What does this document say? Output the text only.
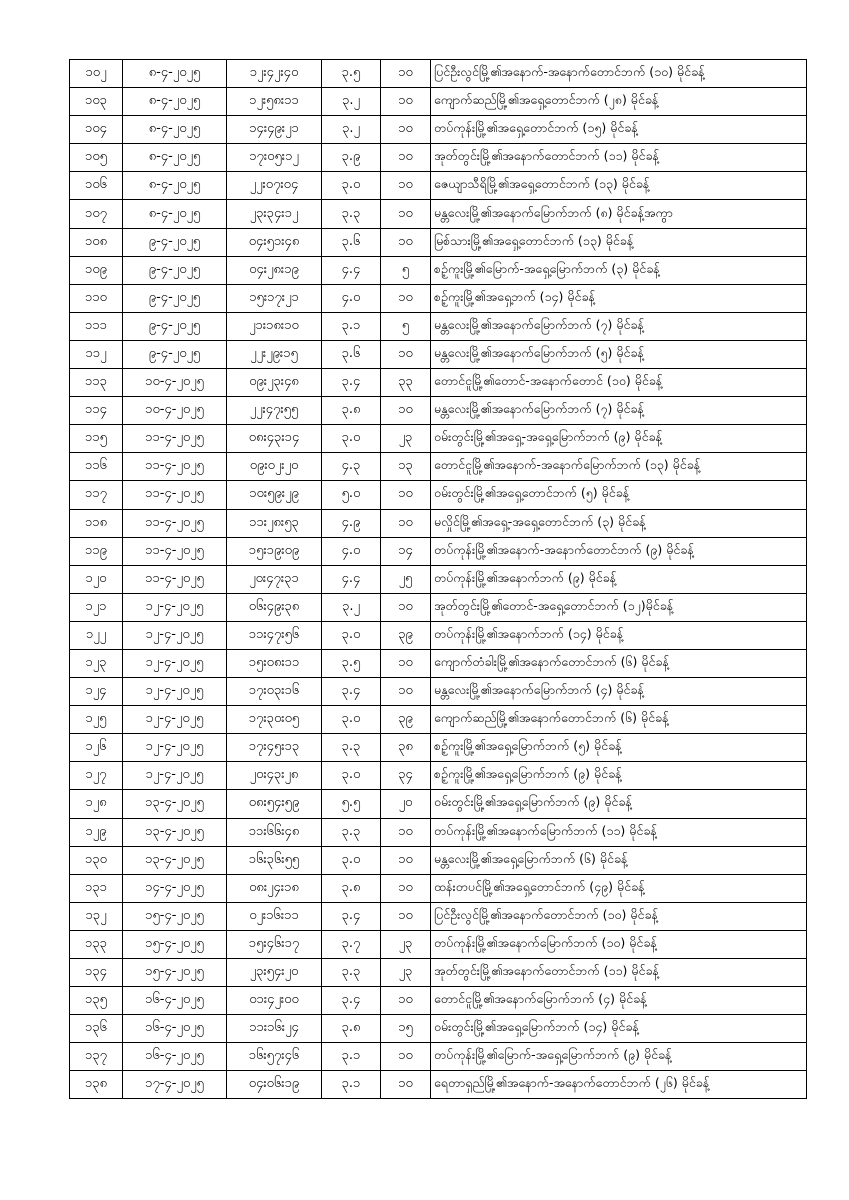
၁၀၂	၈-၄-၂၀၂၅	၁၂း၄၂း၄၀	၃.၅	၁၀	ပြင်ဦးလွင်မြို့၏အနောက်-အနောက်တောင်ဘက် (၁၀) မိုင်ခန့်
၁၀၃	၈-၄-၂၀၂၅	၁၂း၅၈း၁၁	၃.၂	၁၀	ကျောက်ဆည်မြို့၏အရှေ့တောင်ဘက် (၂၈) မိုင်ခန့်
၁၀၄	၈-၄-၂၀၂၅	၁၄း၄၉း၂၁	၃.၂	၁၀	တပ်ကုန်းမြို့၏အရှေ့တောင်ဘက် (၁၅) မိုင်ခန့်
၁၀၅	၈-၄-၂၀၂၅	၁၇း၀၅း၁၂	၃.၉	၁၀	အုတ်တွင်းမြို့၏အနောက်တောင်ဘက် (၁၁) မိုင်ခန့်
၁၀၆	၈-၄-၂၀၂၅	၂၂း၀၇း၀၄	၃.၀	၁၀	ဇေယျာသီရိမြို့၏အရှေ့တောင်ဘက် (၁၃) မိုင်ခန့်
၁၀၇	၈-၄-၂၀၂၅	၂၃း၃၄း၁၂	၃.၃	၁၀	မန္တလေးမြို့၏အနောက်မြောက်ဘက် (၈) မိုင်ခန့်အကွာ
၁၀၈	၉-၄-၂၀၂၅	၀၄း၅၁း၄၈	၃.၆	၁၀	မြစ်သားမြို့၏အရှေ့တောင်ဘက် (၁၃) မိုင်ခန့်
၁၀၉	၉-၄-၂၀၂၅	၀၄း၂၈း၁၉	၄.၄	၅	စဉ့်ကူးမြို့၏မြောက်-အရှေ့မြောက်ဘက် (၃) မိုင်ခန့်
၁၁၀	၉-၄-၂၀၂၅	၁၅း၁၇း၂၁	၄.၀	၁၀	စဉ့်ကူးမြို့၏အရှေ့ဘက် (၁၄) မိုင်ခန့်
၁၁၁	၉-၄-၂၀၂၅	၂၁း၁၈း၁၀	၃.၁	၅	မန္တလေးမြို့၏အနောက်မြောက်ဘက် (၇) မိုင်ခန့်
၁၁၂	၉-၄-၂၀၂၅	၂၂း၂၉း၁၅	၃.၆	၁၀	မန္တလေးမြို့၏အနောက်မြောက်ဘက် (၅) မိုင်ခန့်
၁၁၃	၁၀-၄-၂၀၂၅	၀၉း၂၃း၄၈	၃.၄	၃၃	တောင်ငူမြို့၏တောင်-အနောက်တောင် (၁၀) မိုင်ခန့်
၁၁၄	၁၀-၄-၂၀၂၅	၂၂း၄၇း၅၅	၃.၈	၁၀	မန္တလေးမြို့၏အနောက်မြောက်ဘက် (၇) မိုင်ခန့်
၁၁၅	၁၁-၄-၂၀၂၅	၀၈း၄၃း၁၄	၃.၀	၂၃	ဝမ်းတွင်းမြို့၏အရှေ့-အရှေ့မြောက်ဘက် (၉) မိုင်ခန့်
၁၁၆	၁၁-၄-၂၀၂၅	၀၉း၀၂း၂၀	၄.၃	၁၃	တောင်ငူမြို့၏အနောက်-အနောက်မြောက်ဘက် (၁၃) မိုင်ခန့်
၁၁၇	၁၁-၄-၂၀၂၅	၁၀း၅၉း၂၉	၅.၀	၁၀	ဝမ်းတွင်းမြို့၏အရှေ့တောင်ဘက် (၅) မိုင်ခန့်
၁၁၈	၁၁-၄-၂၀၂၅	၁၁း၂၈း၅၃	၄.၉	၁၀	မလှိုင်မြို့၏အရှေ့-အရှေ့တောင်ဘက် (၃) မိုင်ခန့်
၁၁၉	၁၁-၄-၂၀၂၅	၁၅း၁၉း၀၉	၄.၀	၁၄	တပ်ကုန်းမြို့၏အနောက်-အနောက်တောင်ဘက် (၉) မိုင်ခန့်
၁၂၀	၁၁-၄-၂၀၂၅	၂၀း၄၇း၃၁	၄.၄	၂၅	တပ်ကုန်းမြို့၏အနောက်ဘက် (၉) မိုင်ခန့်
၁၂၁	၁၂-၄-၂၀၂၅	၀၆း၄၉း၃၈	၃.၂	၁၀	အုတ်တွင်းမြို့၏တောင်-အရှေ့တောင်ဘက် (၁၂)မိုင်ခန့်
၁၂၂	၁၂-၄-၂၀၂၅	၁၁း၄၇း၅၆	၃.၀	၃၉	တပ်ကုန်းမြို့၏အနောက်ဘက် (၁၄) မိုင်ခန့်
၁၂၃	၁၂-၄-၂၀၂၅	၁၅း၀၈း၁၁	၃.၅	၁၀	ကျောက်တံခါးမြို့၏အနောက်တောင်ဘက် (၆) မိုင်ခန့်
၁၂၄	၁၂-၄-၂၀၂၅	၁၇း၀၃း၁၆	၃.၄	၁၀	မန္တလေးမြို့၏အနောက်မြောက်ဘက် (၄) မိုင်ခန့်
၁၂၅	၁၂-၄-၂၀၂၅	၁၇း၃၀း၀၅	၃.၀	၃၉	ကျောက်ဆည်မြို့၏အနောက်တောင်ဘက် (၆) မိုင်ခန့်
၁၂၆	၁၂-၄-၂၀၂၅	၁၇း၄၅း၁၃	၃.၃	၃၈	စဉ့်ကူးမြို့၏အရှေ့မြောက်ဘက် (၅) မိုင်ခန့်
၁၂၇	၁၂-၄-၂၀၂၅	၂၀း၄၃း၂၈	၃.၀	၃၄	စဉ့်ကူးမြို့၏အရှေ့မြောက်ဘက် (၉) မိုင်ခန့်
၁၂၈	၁၃-၄-၂၀၂၅	၀၈း၅၄း၅၉	၅.၅	၂၀	ဝမ်းတွင်းမြို့၏အရှေ့မြောက်ဘက် (၉) မိုင်ခန့်
၁၂၉	၁၃-၄-၂၀၂၅	၁၁း၆၆း၄၈	၃.၃	၁၀	တပ်ကုန်းမြို့၏အနောက်မြောက်ဘက် (၁၁) မိုင်ခန့်
၁၃၀	၁၃-၄-၂၀၂၅	၁၆း၃၆း၅၅	၃.၀	၁၀	မန္တလေးမြို့၏အရှေ့မြောက်ဘက် (၆) မိုင်ခန့်
၁၃၁	၁၄-၄-၂၀၂၅	၀၈း၂၄း၁၈	၃.၈	၁၀	ထန်းတပင်မြို့၏အရှေ့တောင်ဘက် (၄၉) မိုင်ခန့်
၁၃၂	၁၅-၄-၂၀၂၅	၀၂း၁၆း၁၁	၃.၄	၁၀	ပြင်ဦးလွင်မြို့၏အနောက်တောင်ဘက် (၁၀) မိုင်ခန့်
၁၃၃	၁၅-၄-၂၀၂၅	၁၅း၄၆း၁၇	၃.၇	၂၃	တပ်ကုန်းမြို့၏အနောက်မြောက်ဘက် (၁၀) မိုင်ခန့်
၁၃၄	၁၅-၄-၂၀၂၅	၂၃း၅၄း၂၀	၃.၃	၂၃	အုတ်တွင်းမြို့၏အနောက်တောင်ဘက် (၁၁) မိုင်ခန့်
၁၃၅	၁၆-၄-၂၀၂၅	၀၁း၄၂း၀၀	၃.၄	၁၀	တောင်ငူမြို့၏အနောက်မြောက်ဘက် (၄) မိုင်ခန့်
၁၃၆	၁၆-၄-၂၀၂၅	၁၁း၁၆း၂၄	၃.၈	၁၅	ဝမ်းတွင်းမြို့၏အရှေ့မြောက်ဘက် (၁၄) မိုင်ခန့်
၁၃၇	၁၆-၄-၂၀၂၅	၁၆း၅၇း၄၆	၃.၁	၁၀	တပ်ကုန်းမြို့၏မြောက်-အရှေ့မြောက်ဘက် (၉) မိုင်ခန့်
၁၃၈	၁၇-၄-၂၀၂၅	၀၄း၀၆း၁၉	၃.၁	၁၀	ရေတာရှည်မြို့၏အနောက်-အနောက်တောင်ဘက် (၂၆) မိုင်ခန့်
